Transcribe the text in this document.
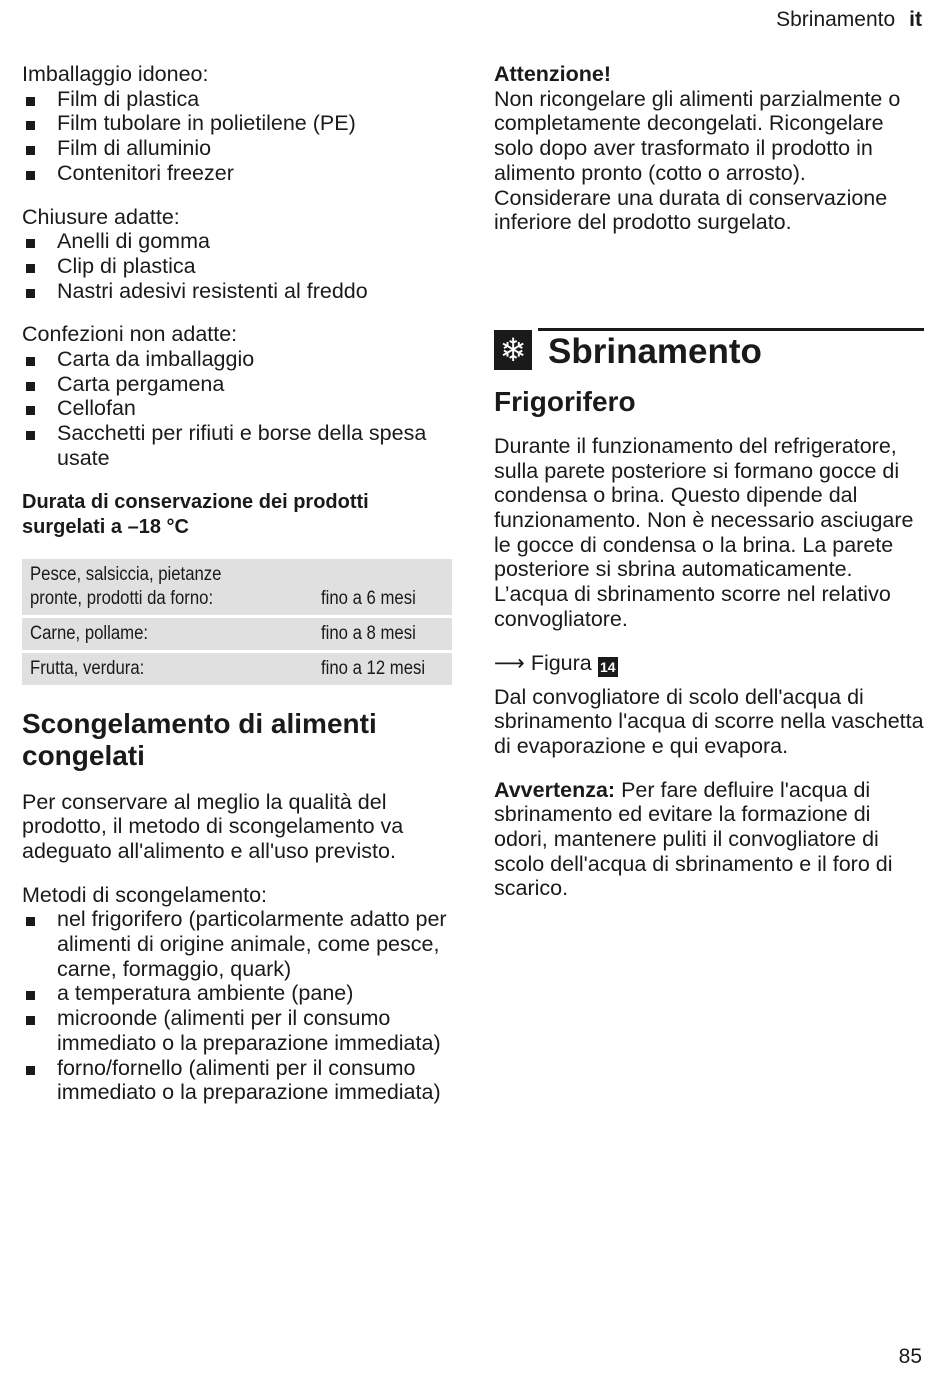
Sbrinamento it

Imballaggio idoneo:

Film di plastica
Film tubolare in polietilene (PE)
Film di alluminio
Contenitori freezer

Chiusure adatte:

Anelli di gomma
Clip di plastica
Nastri adesivi resistenti al freddo

Confezioni non adatte:

Carta da imballaggio
Carta pergamena
Cellofan
Sacchetti per rifiuti e borse della spesa usate

Durata di conservazione dei prodotti surgelati a –18 °C

Pesce, salsiccia, pietanze pronte, prodotti da forno:	fino a 6 mesi
Carne, pollame:	fino a 8 mesi
Frutta, verdura:	fino a 12 mesi
Scongelamento di alimenti congelati

Per conservare al meglio la qualità del prodotto, il metodo di scongelamento va adeguato all'alimento e all'uso previsto.

Metodi di scongelamento:

nel frigorifero (particolarmente adatto per alimenti di origine animale, come pesce, carne, formaggio, quark)
a temperatura ambiente (pane)
microonde (alimenti per il consumo immediato o la preparazione immediata)
forno/fornello (alimenti per il consumo immediato o la preparazione immediata)

Attenzione!

Non ricongelare gli alimenti parzialmente o completamente decongelati. Ricongelare solo dopo aver trasformato il prodotto in alimento pronto (cotto o arrosto). Considerare una durata di conservazione inferiore del prodotto surgelato.

❄ Sbrinamento
Frigorifero

Durante il funzionamento del refrigeratore, sulla parete posteriore si formano gocce di condensa o brina. Questo dipende dal funzionamento. Non è necessario asciugare le gocce di condensa o la brina. La parete posteriore si sbrina automaticamente. L’acqua di sbrinamento scorre nel relativo convogliatore.

⟶ Figura 14

Dal convogliatore di scolo dell'acqua di sbrinamento l'acqua di scorre nella vaschetta di evaporazione e qui evapora.

Avvertenza: Per fare defluire l'acqua di sbrinamento ed evitare la formazione di odori, mantenere puliti il convogliatore di scolo dell'acqua di sbrinamento e il foro di scarico.

85
